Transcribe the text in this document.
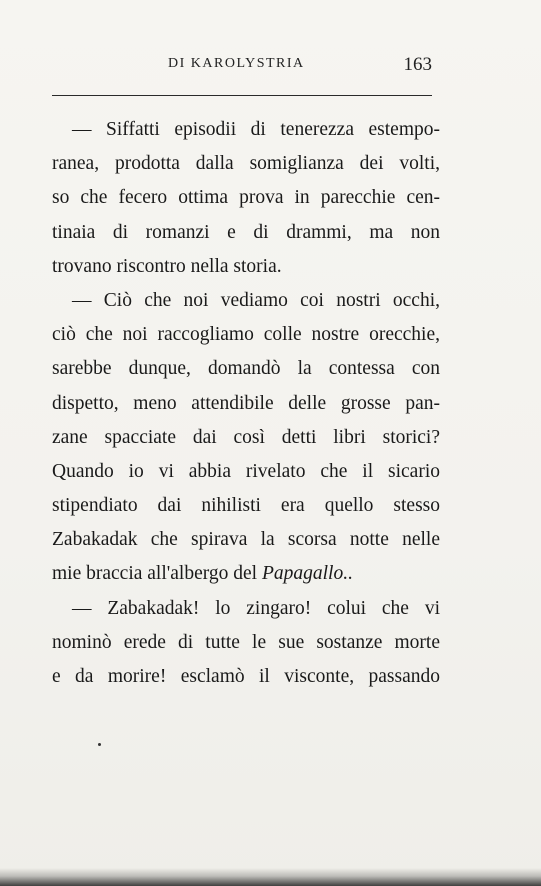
DI KAROLYSTRIA	163
— Siffatti episodii di tenerezza estempo-
ranea, prodotta dalla somiglianza dei volti,
so che fecero ottima prova in parecchie cen-
tinaia di romanzi e di drammi, ma non
trovano riscontro nella storia.
— Ciò che noi vediamo coi nostri occhi,
ciò che noi raccogliamo colle nostre orecchie,
sarebbe dunque, domandò la contessa con
dispetto, meno attendibile delle grosse pan-
zane spacciate dai così detti libri storici?
Quando io vi abbia rivelato che il sicario
stipendiato dai nihilisti era quello stesso
Zabakadak che spirava la scorsa notte nelle
mie braccia all'albergo del Papagallo..
— Zabakadak! lo zingaro! colui che vi
nominò erede di tutte le sue sostanze morte
e da morire! esclamò il visconte, passando
